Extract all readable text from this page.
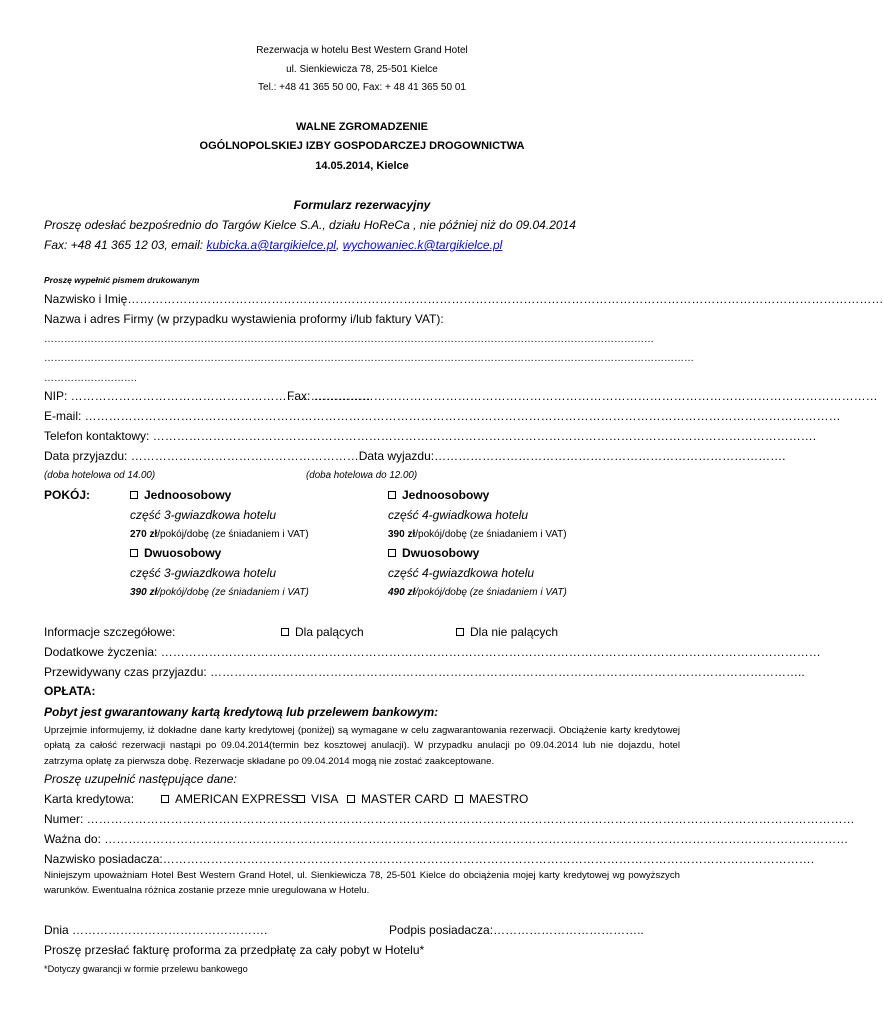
Rezerwacja w hotelu Best Western Grand Hotel
ul. Sienkiewicza 78, 25-501 Kielce
Tel.: +48 41 365 50 00, Fax: + 48 41 365 50 01
WALNE ZGROMADZENIE
OGÓLNOPOLSKIEJ IZBY GOSPODARCZEJ DROGOWNICTWA
14.05.2014, Kielce
Formularz rezerwacyjny
Proszę odesłać bezpośrednio do Targów Kielce S.A., działu HoReCa , nie później niż do 09.04.2014
Fax: +48 41 365 12 03, email: kubicka.a@targikielce.pl, wychowaniec.k@targikielce.pl
Proszę wypełnić pismem drukowanym
Nazwisko i Imię………………………………………………………………………………………………………………………………………………………………………
Nazwa i adres Firmy (w przypadku wystawienia proformy i/lub faktury VAT):
…………………………………………………………………………………………………………………………………………………………………
……………………………………………………………………………………………………………………………………………………………………………
……………………….
NIP: …………………………………………………………………
Fax: ……………………………………………………………………………………………………………………………
E-mail: ………………………………………………………………………………………………………………………………………………………………………
Telefon kontaktowy: ………………………………………………………………………………………………………………………………………………….
Data przyjazdu: …………………………………………………Data wyjazdu:…………………………………………………………………………….
(doba hotelowa od 14.00)	(doba hotelowa do 12.00)
POKÓJ:	Jednoosobowy
część 3-gwiazdkowa hotelu
270 zł/pokój/dobę (ze śniadaniem i VAT)
Dwuosobowy
część 3-gwiazdkowa hotelu
390 zł/pokój/dobę (ze śniadaniem i VAT)
Jednoosobowy
część 4-gwiadkowa hotelu
390 zł/pokój/dobę (ze śniadaniem i VAT)
Dwuosobowy
część 4-gwiazdkowa hotelu
490 zł/pokój/dobę (ze śniadaniem i VAT)
Informacje szczegółowe:	Dla palących	Dla nie palących
Dodatkowe życzenia: …………………………………………………………………………………………………………………………………………………
Przewidywany czas przyjazdu: …………………………………………………………………………………………………………………………………..
OPŁATA:
Pobyt jest gwarantowany kartą kredytową lub przelewem bankowym:
Uprzejmie informujemy, iż dokładne dane karty kredytowej (poniżej) są wymagane w celu zagwarantowania rezerwacji. Obciążenie karty kredytowej opłatą za całość rezerwacji nastąpi po 09.04.2014(termin bez kosztowej anulacji). W przypadku anulacji po 09.04.2014 lub nie dojazdu, hotel zatrzyma opłatę za pierwsza dobę. Rezerwacje składane po 09.04.2014 mogą nie zostać zaakceptowane.
Proszę uzupełnić następujące dane:
Karta kredytowa:	AMERICAN EXPRESS	VISA	MASTER CARD	MAESTRO
Numer: …………………………………………………………………………………………………………………………………………………………………………
Ważna do: ……………………………………………………………………………………………………………………………………………………………………
Nazwisko posiadacza:……………………………………………………………………………………………………………………………………………….
Niniejszym upoważniam Hotel Best Western Grand Hotel, ul. Sienkiewicza 78, 25-501 Kielce do obciążenia mojej karty kredytowej wg powyższych warunków. Ewentualna różnica zostanie przeze mnie uregulowana w Hotelu.
Dnia ………………………………………….	Podpis posiadacza:………………………………..
Proszę przesłać fakturę proforma za przedpłatę za cały pobyt w Hotelu*
*Dotyczy gwarancji w formie przelewu bankowego
